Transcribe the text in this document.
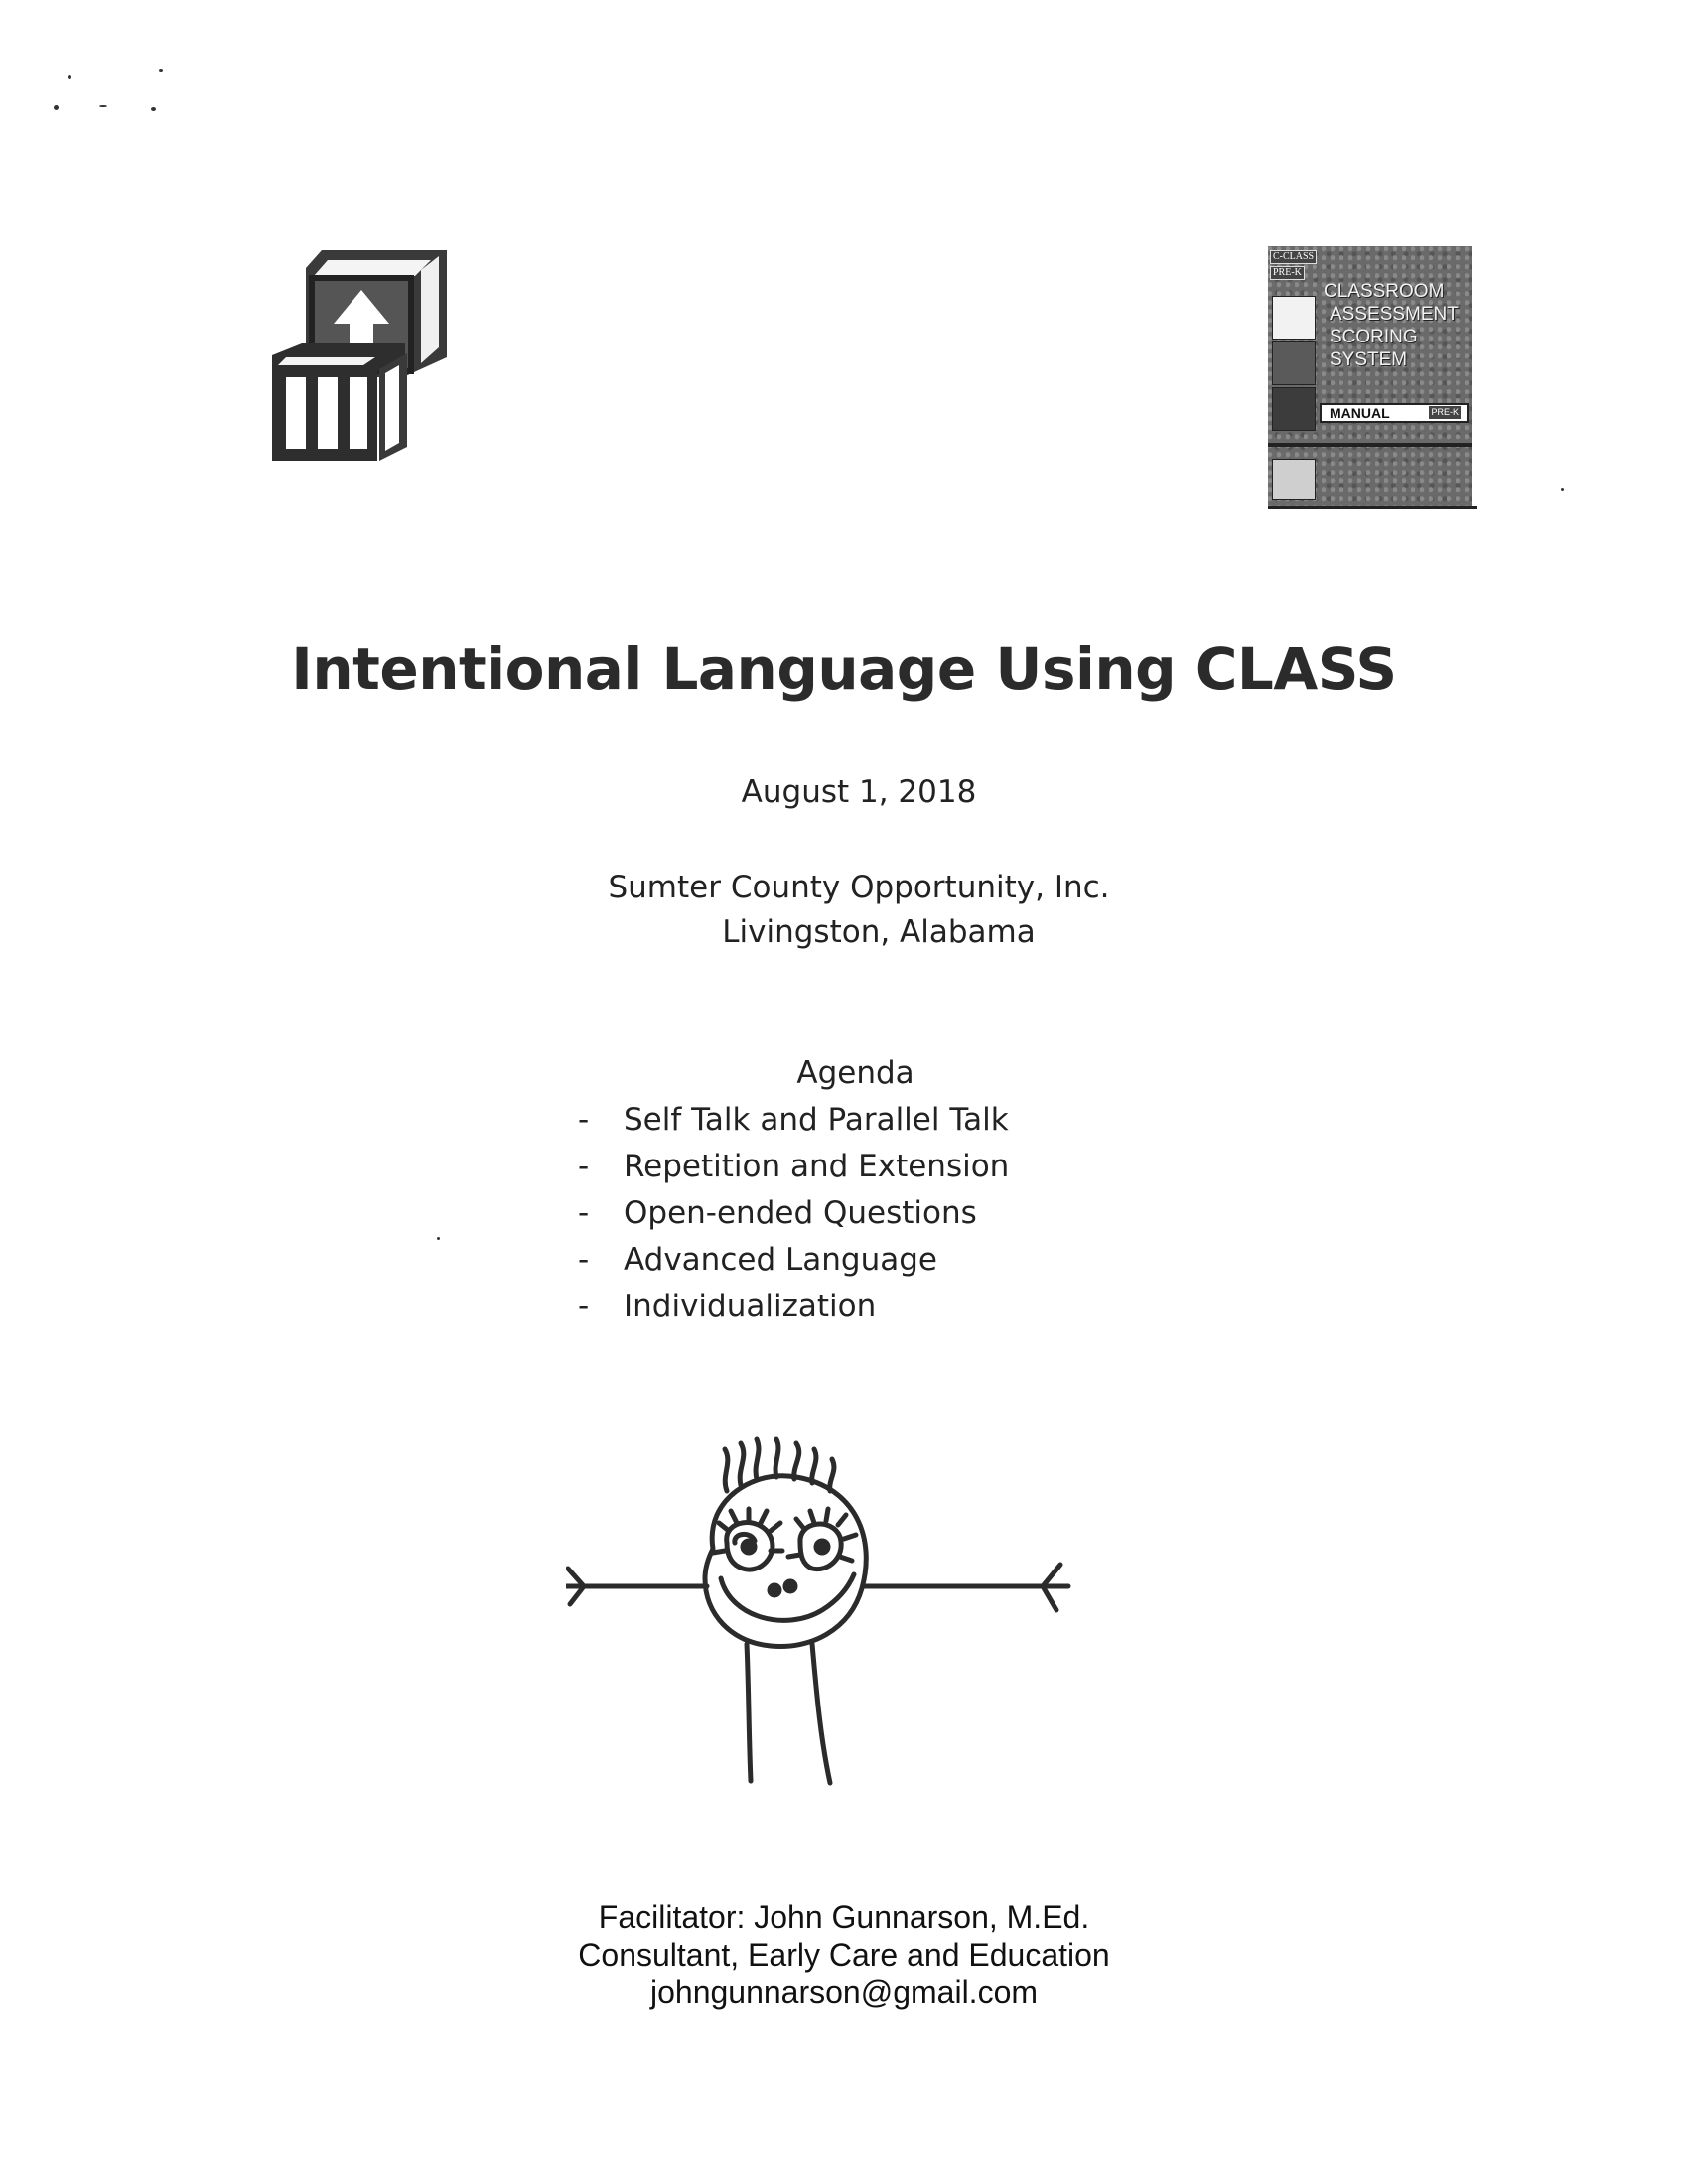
C-CLASS
PRE-K
CLASSROOM
ASSESSMENT
SCORING
SYSTEM
MANUAL	PRE-K
Intentional Language Using CLASS
August 1, 2018
Sumter County Opportunity, Inc.
Livingston, Alabama
Agenda
- Self Talk and Parallel Talk
- Repetition and Extension
- Open-ended Questions
- Advanced Language
- Individualization
Facilitator: John Gunnarson, M.Ed.
Consultant, Early Care and Education
johngunnarson@gmail.com
